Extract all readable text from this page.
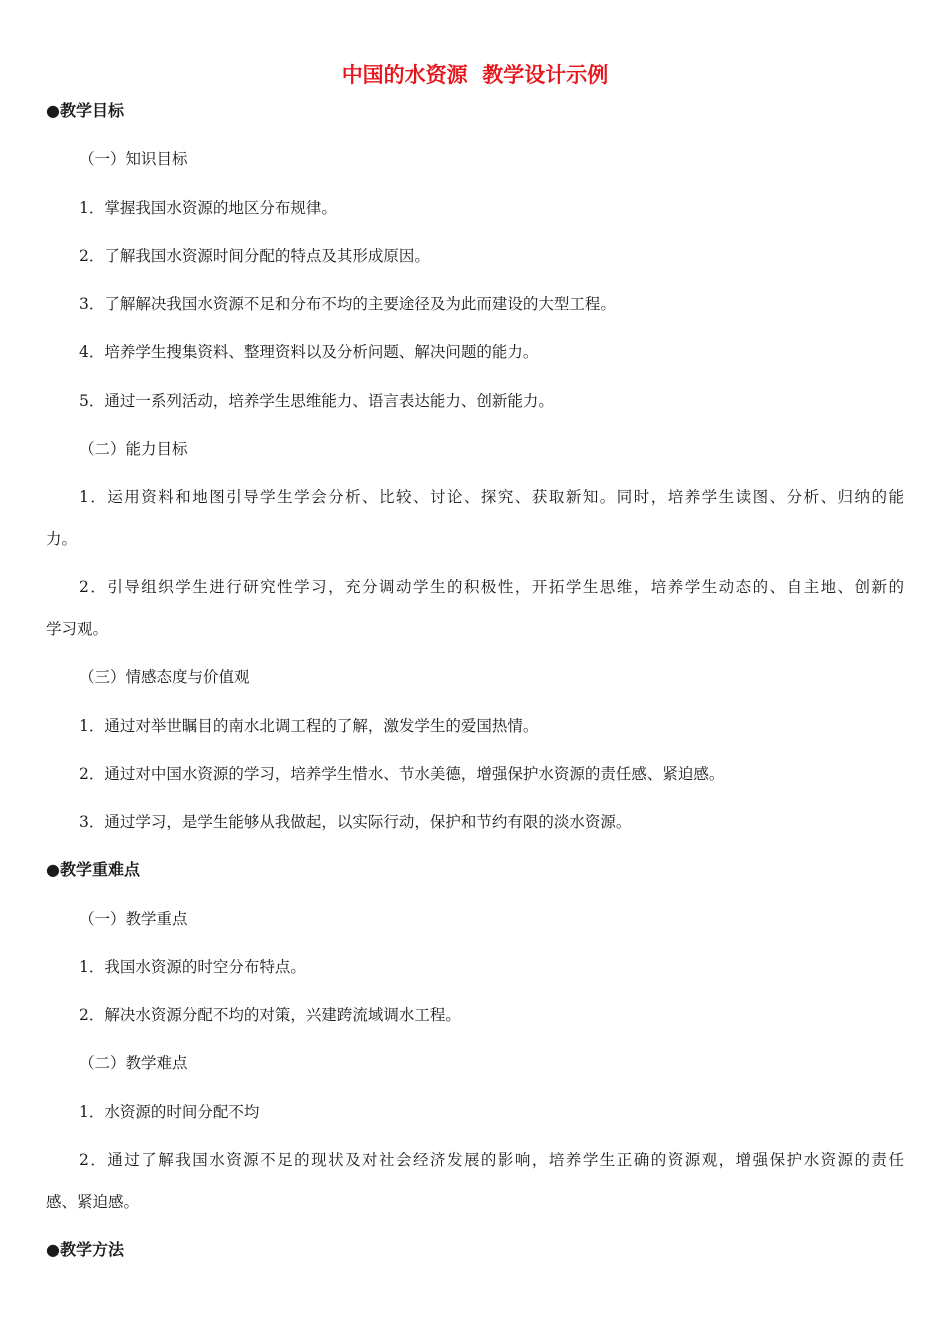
中国的水资源  教学设计示例
●教学目标
（一）知识目标
1．掌握我国水资源的地区分布规律。
2．了解我国水资源时间分配的特点及其形成原因。
3．了解解决我国水资源不足和分布不均的主要途径及为此而建设的大型工程。
4．培养学生搜集资料、整理资料以及分析问题、解决问题的能力。
5．通过一系列活动，培养学生思维能力、语言表达能力、创新能力。
（二）能力目标
1．运用资料和地图引导学生学会分析、比较、讨论、探究、获取新知。同时，培养学生读图、分析、归纳的能
力。
2．引导组织学生进行研究性学习，充分调动学生的积极性，开拓学生思维，培养学生动态的、自主地、创新的
学习观。
（三）情感态度与价值观
1．通过对举世瞩目的南水北调工程的了解，激发学生的爱国热情。
2．通过对中国水资源的学习，培养学生惜水、节水美德，增强保护水资源的责任感、紧迫感。
3．通过学习，是学生能够从我做起，以实际行动，保护和节约有限的淡水资源。
●教学重难点
（一）教学重点
1．我国水资源的时空分布特点。
2．解决水资源分配不均的对策，兴建跨流域调水工程。
（二）教学难点
1．水资源的时间分配不均
2．通过了解我国水资源不足的现状及对社会经济发展的影响，培养学生正确的资源观，增强保护水资源的责任
感、紧迫感。
●教学方法
